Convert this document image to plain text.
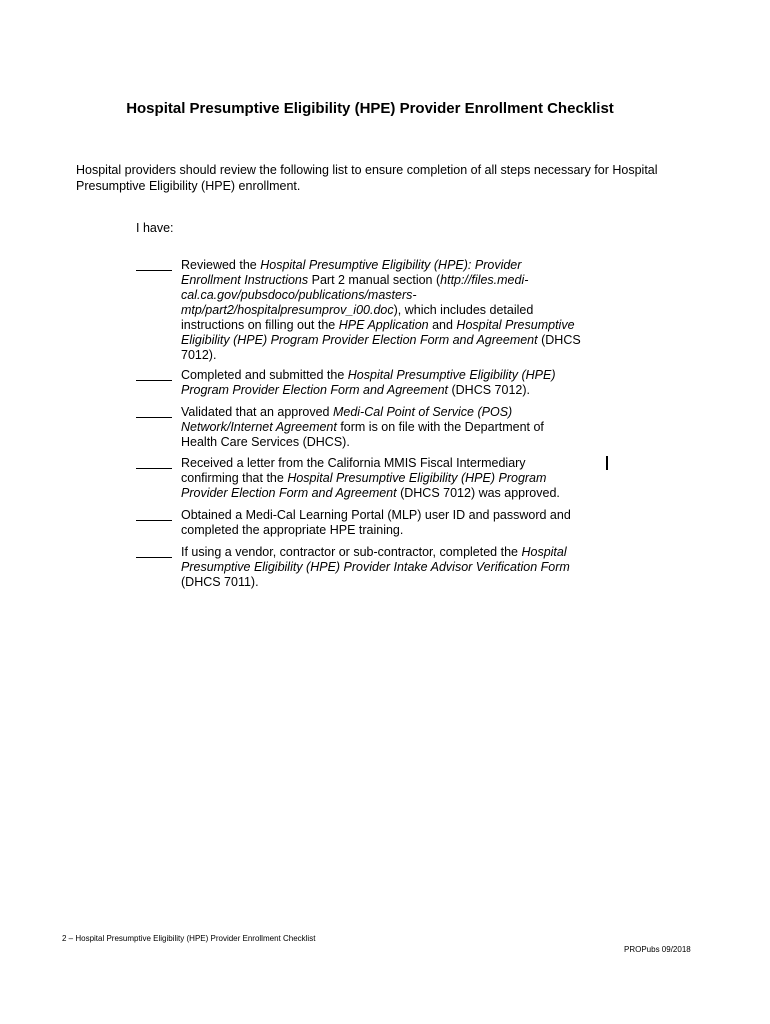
Hospital Presumptive Eligibility (HPE) Provider Enrollment Checklist
Hospital providers should review the following list to ensure completion of all steps necessary for Hospital Presumptive Eligibility (HPE) enrollment.
I have:
Reviewed the Hospital Presumptive Eligibility (HPE): Provider Enrollment Instructions Part 2 manual section (http://files.medi-cal.ca.gov/pubsdoco/publications/masters-mtp/part2/hospitalpresumprov_i00.doc), which includes detailed instructions on filling out the HPE Application and Hospital Presumptive Eligibility (HPE) Program Provider Election Form and Agreement (DHCS 7012).
Completed and submitted the Hospital Presumptive Eligibility (HPE) Program Provider Election Form and Agreement (DHCS 7012).
Validated that an approved Medi-Cal Point of Service (POS) Network/Internet Agreement form is on file with the Department of Health Care Services (DHCS).
Received a letter from the California MMIS Fiscal Intermediary confirming that the Hospital Presumptive Eligibility (HPE) Program Provider Election Form and Agreement (DHCS 7012) was approved.
Obtained a Medi-Cal Learning Portal (MLP) user ID and password and completed the appropriate HPE training.
If using a vendor, contractor or sub-contractor, completed the Hospital Presumptive Eligibility (HPE) Provider Intake Advisor Verification Form (DHCS 7011).
2 – Hospital Presumptive Eligibility (HPE) Provider Enrollment Checklist
PROPubs 09/2018
